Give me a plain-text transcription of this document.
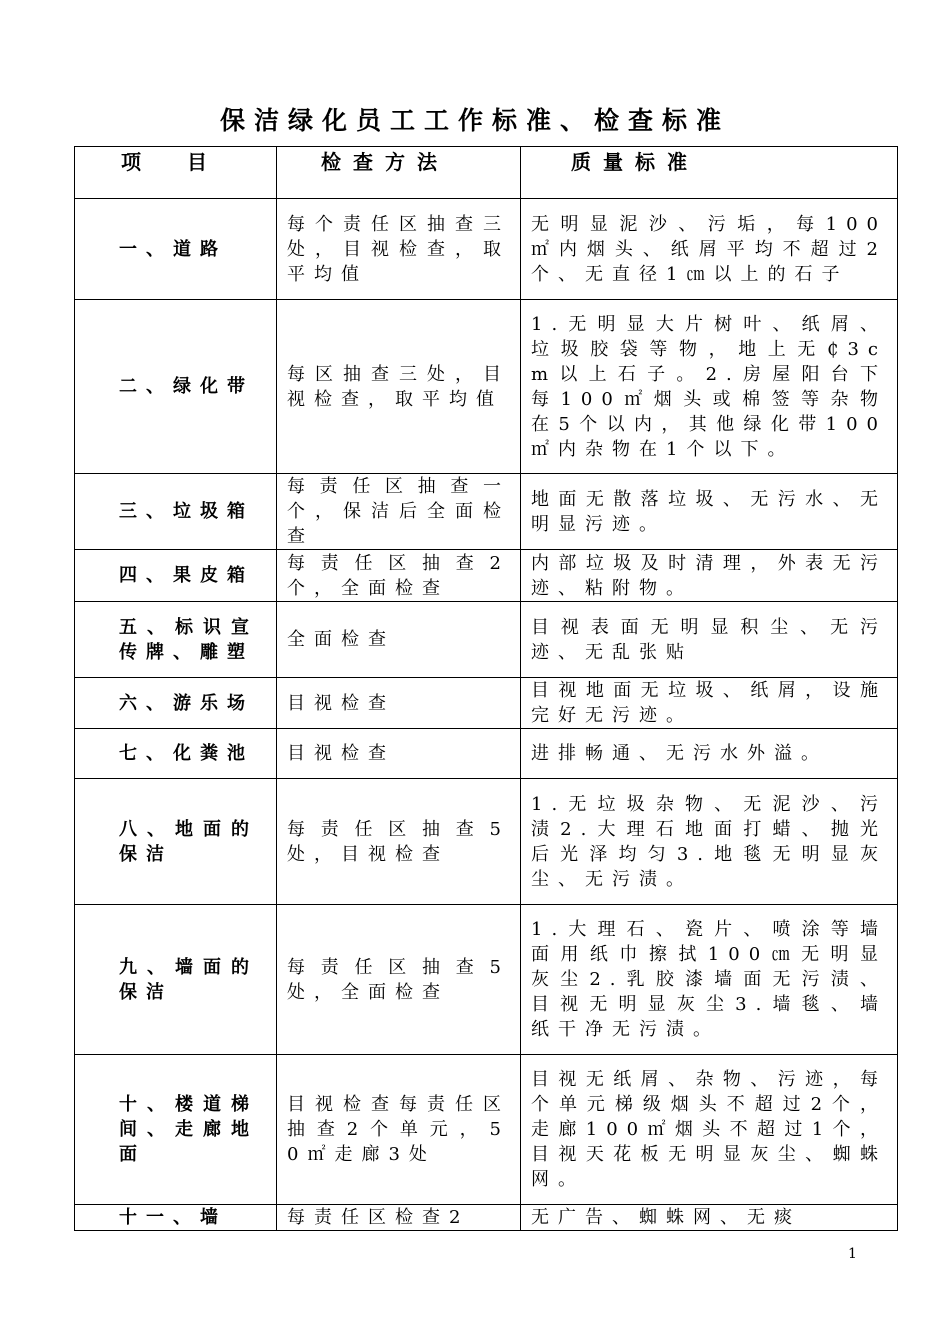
保洁绿化员工工作标准、检查标准
项目	检查方法	质量标准
一、道路	每个责任区抽查三处，目视检查，取平均值	无明显泥沙、污垢，每100㎡内烟头、纸屑平均不超过2个、无直径1㎝以上的石子
二、绿化带	每区抽查三处，目视检查，取平均值	1.无明显大片树叶、纸屑、垃圾胶袋等物，地上无₵3cm以上石子。2.房屋阳台下每100㎡烟头或棉签等杂物在5个以内，其他绿化带100㎡内杂物在1个以下。
三、垃圾箱	每责任区抽查一个，保洁后全面检查	地面无散落垃圾、无污水、无明显污迹。
四、果皮箱	每责任区抽查2个，全面检查	内部垃圾及时清理，外表无污迹、粘附物。
五、标识宣传牌、雕塑	全面检查	目视表面无明显积尘、无污迹、无乱张贴
六、游乐场	目视检查	目视地面无垃圾、纸屑，设施完好无污迹。
七、化粪池	目视检查	进排畅通、无污水外溢。
八、地面的保洁	每责任区抽查5处，目视检查	1.无垃圾杂物、无泥沙、污渍2.大理石地面打蜡、抛光后光泽均匀3.地毯无明显灰尘、无污渍。
九、墙面的保洁	每责任区抽查5处，全面检查	1.大理石、瓷片、喷涂等墙面用纸巾擦拭100㎝无明显灰尘2.乳胶漆墙面无污渍、目视无明显灰尘3.墙毯、墙纸干净无污渍。
十、楼道梯间、走廊地面	目视检查每责任区抽查2个单元，50㎡走廊3处	目视无纸屑、杂物、污迹，每个单元梯级烟头不超过2个，走廊100㎡烟头不超过1个，目视天花板无明显灰尘、蜘蛛网。
十一、墙	每责任区检查2	无广告、蜘蛛网、无痰
1
